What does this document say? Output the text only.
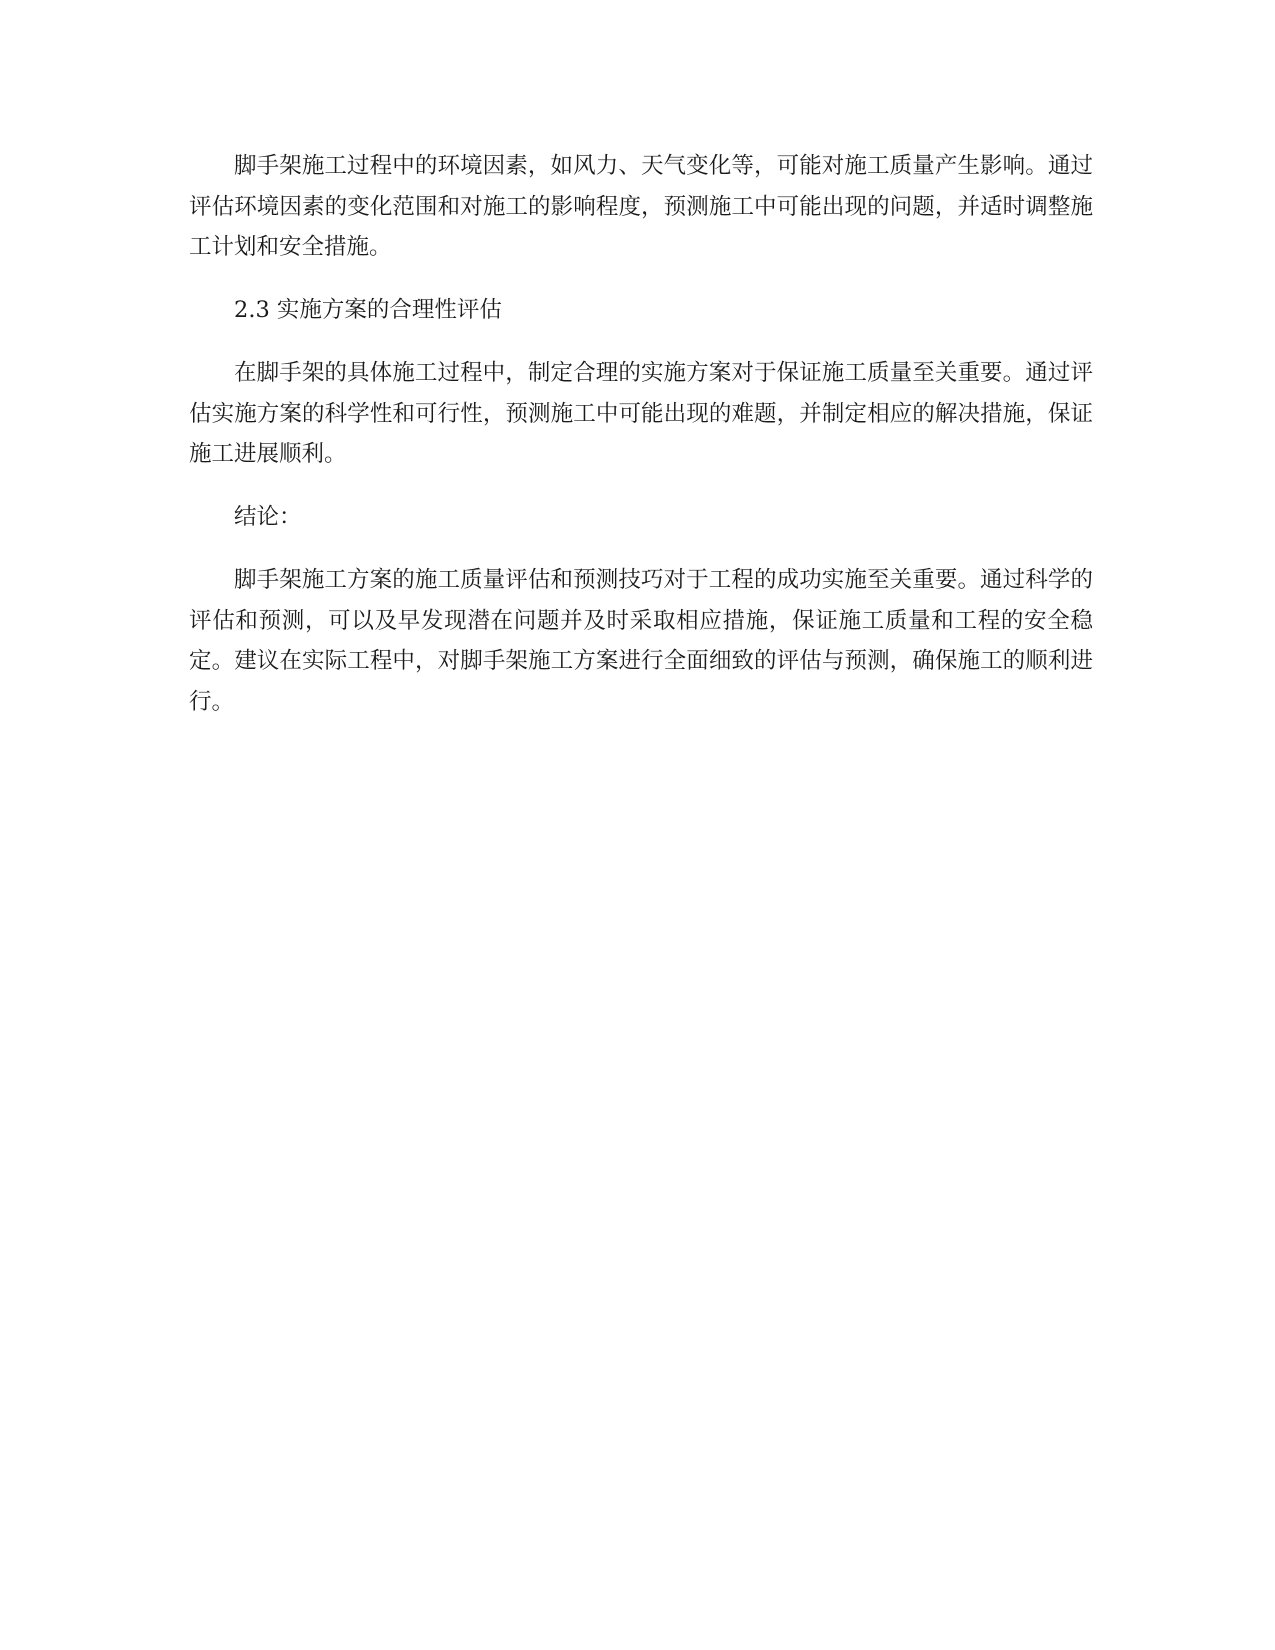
脚手架施工过程中的环境因素，如风力、天气变化等，可能对施工质量产生影响。通过评估环境因素的变化范围和对施工的影响程度，预测施工中可能出现的问题，并适时调整施工计划和安全措施。

2.3 实施方案的合理性评估

在脚手架的具体施工过程中，制定合理的实施方案对于保证施工质量至关重要。通过评估实施方案的科学性和可行性，预测施工中可能出现的难题，并制定相应的解决措施，保证施工进展顺利。

结论：

脚手架施工方案的施工质量评估和预测技巧对于工程的成功实施至关重要。通过科学的评估和预测，可以及早发现潜在问题并及时采取相应措施，保证施工质量和工程的安全稳定。建议在实际工程中，对脚手架施工方案进行全面细致的评估与预测，确保施工的顺利进行。
